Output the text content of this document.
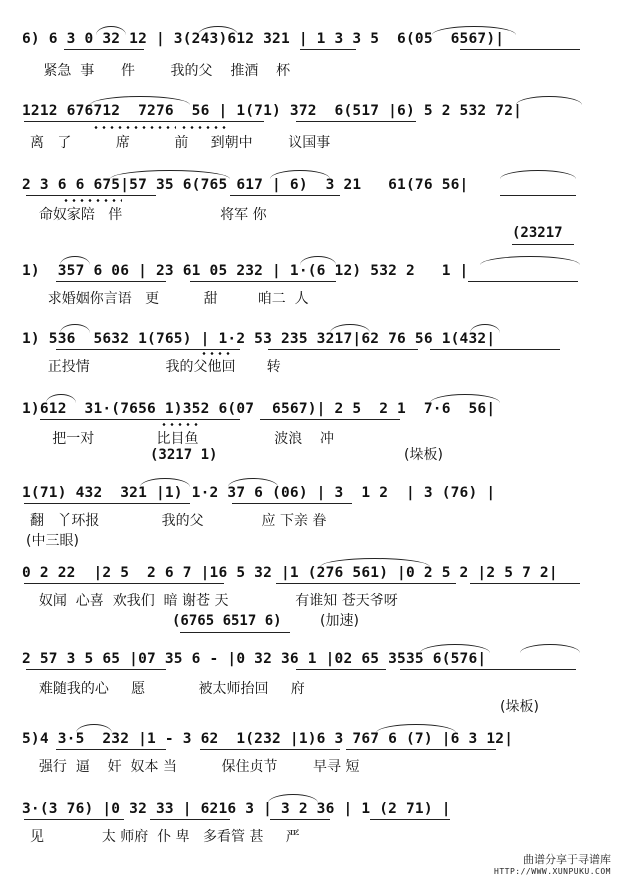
6) 6 3 0 32 12 | 3(243)612 321 | 1 3 3 5  6(05  6567)|
紧急  事      件        我的父    推酒    杯
1212 676712  7276  56 | 1(71) 372  6(517 |6) 5 2 532 72|
离   了          席          前     到朝中        议国事
2 3 6 6 675|57 35 6(765 617 | 6)  3 21   61(76 56|
命奴家陪   伴                      将军 你
(23217
1)  357 6 06 | 23 61 05 232 | 1·(6 12) 532 2   1 |
求婚姻你言语   更          甜         咱二  人
1) 536  5632 1(765) | 1·2 53 235 3217|62 76 56 1(432|
正投情                 我的父他回       转
1)612  31·(7656 1)352 6(07  6567)| 2 5  2 1  7·6  56|
把一对              比目鱼                 波浪    冲
(3217 1)	(垛板)
1(71) 432  321 |1) 1·2 37 6 (06) | 3  1 2  | 3 (76) |
翻   丫环报              我的父             应 下亲 眷
(中三眼)
0 2 22  |2 5  2 6 7 |16 5 32 |1 (276 561) |0 2 5 2 |2 5 7 2|
奴闻  心喜  欢我们  暗 谢苍 天               有谁知 苍天爷呀
(6765 6517 6)	(加速)
2 57 3 5 65 |07 35 6 - |0 32 36 1 |02 65 3535 6(576|
难随我的心     愿            被太师抬回     府
(垛板)
5)4 3·5  232 |1 - 3 62  1(232 |1)6 3 767 6 (7) |6 3 12|
强行  逼    奸  奴本 当          保住贞节        早寻 短
3·(3 76) |0 32 33 | 6216 3 | 3 2 36 | 1 (2 71) |
见             太 师府  仆 卑   多看管 甚     严
曲谱分享于寻谱库
HTTP://WWW.XUNPUKU.COM
